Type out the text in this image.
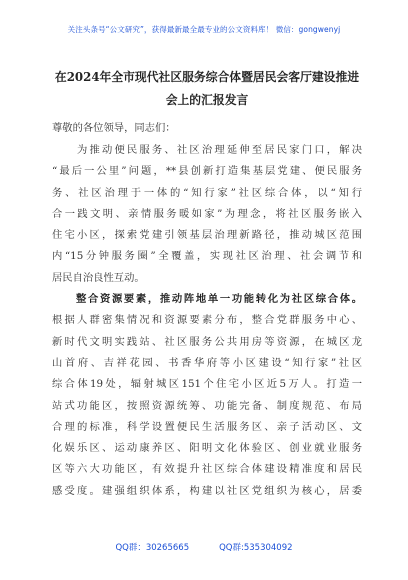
关注头条号“公文研究”，获得最新最全最专业的公文资料库！ 微信：gongwenyj
在2024年全市现代社区服务综合体暨居民会客厅建设推进
会上的汇报发言
尊敬的各位领导，同志们：
　　为推动便民服务、社区治理延伸至居民家门口，解决
“最后一公里”问题，**县创新打造集基层党建、便民服务
务、社区治理于一体的“知行家”社区综合体，以“知行
合一践文明、亲情服务暖如家”为理念，将社区服务嵌入
住宅小区，探索党建引领基层治理新路径，推动城区范围
内“15分钟服务圈”全覆盖，实现社区治理、社会调节和
居民自治良性互动。
　　整合资源要素，推动阵地单一功能转化为社区综合体。
根据人群密集情况和资源要素分布，整合党群服务中心、
新时代文明实践站、社区服务公共用房等资源，在城区龙
山首府、吉祥花园、书香华府等小区建设“知行家”社区
综合体19处，辐射城区151个住宅小区近5万人。打造一
站式功能区，按照资源统筹、功能完备、制度规范、布局
合理的标准，科学设置便民生活服务区、亲子活动区、文
化娱乐区、运动康养区、阳明文化体验区、创业就业服务
区等六大功能区，有效提升社区综合体建设精准度和居民
感受度。建强组织体系，构建以社区党组织为核心，居委
QQ群：30265665	QQ群:535304092
